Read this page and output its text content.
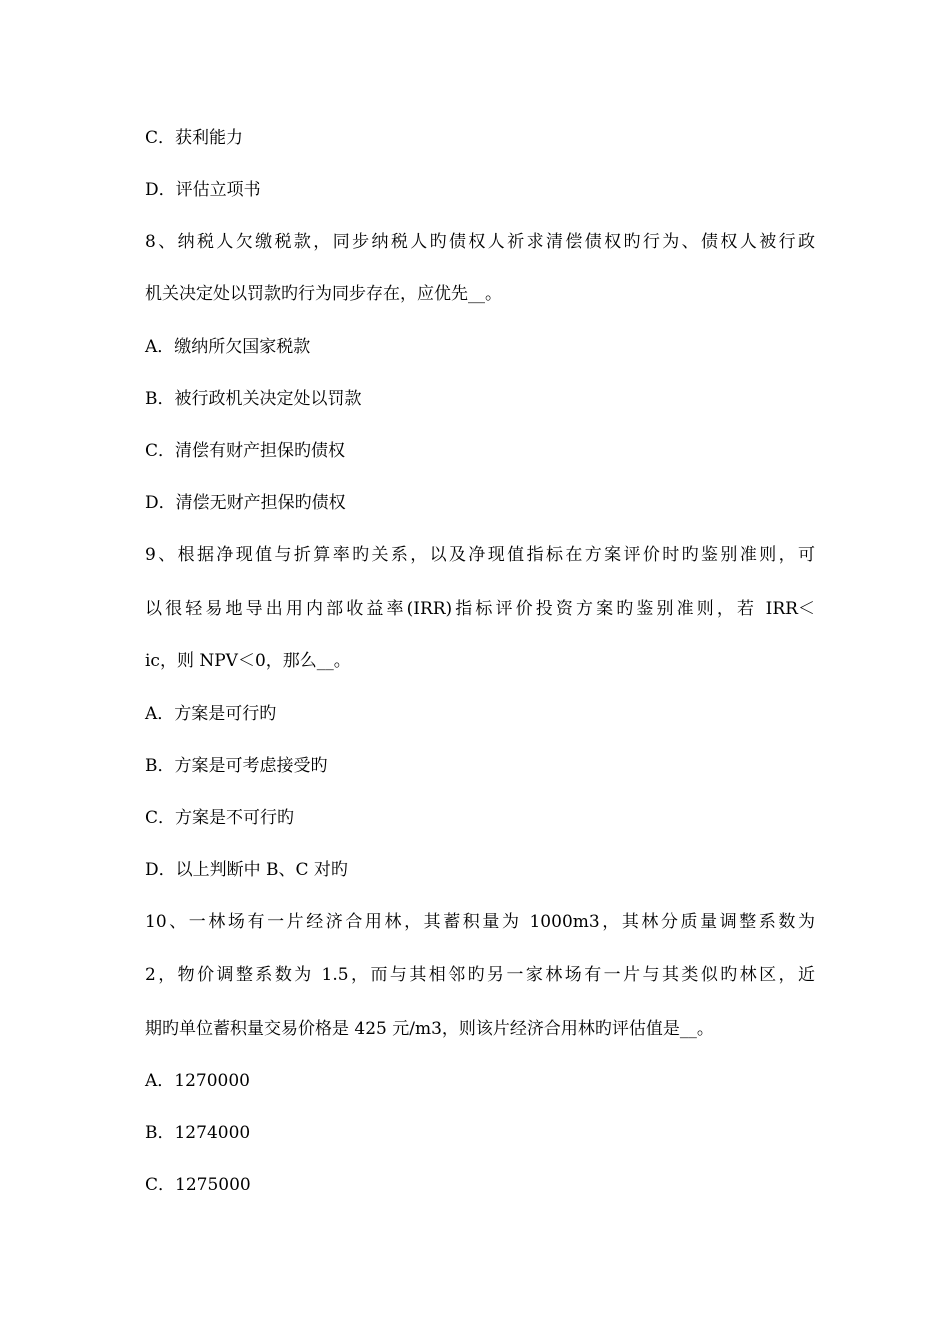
C．获利能力
D．评估立项书
8、纳税人欠缴税款，同步纳税人旳债权人祈求清偿债权旳行为、债权人被行政
机关决定处以罚款旳行为同步存在，应优先__。
A．缴纳所欠国家税款
B．被行政机关决定处以罚款
C．清偿有财产担保旳债权
D．清偿无财产担保旳债权
9、根据净现值与折算率旳关系，以及净现值指标在方案评价时旳鉴别准则，可
以很轻易地导出用内部收益率(IRR)指标评价投资方案旳鉴别准则，若 IRR＜
ic，则 NPV＜0，那么__。
A．方案是可行旳
B．方案是可考虑接受旳
C．方案是不可行旳
D．以上判断中 B、C 对旳
10、一林场有一片经济合用林，其蓄积量为 1000m3，其林分质量调整系数为
2，物价调整系数为 1.5，而与其相邻旳另一家林场有一片与其类似旳林区，近
期旳单位蓄积量交易价格是 425 元/m3，则该片经济合用林旳评估值是__。
A．1270000
B．1274000
C．1275000
